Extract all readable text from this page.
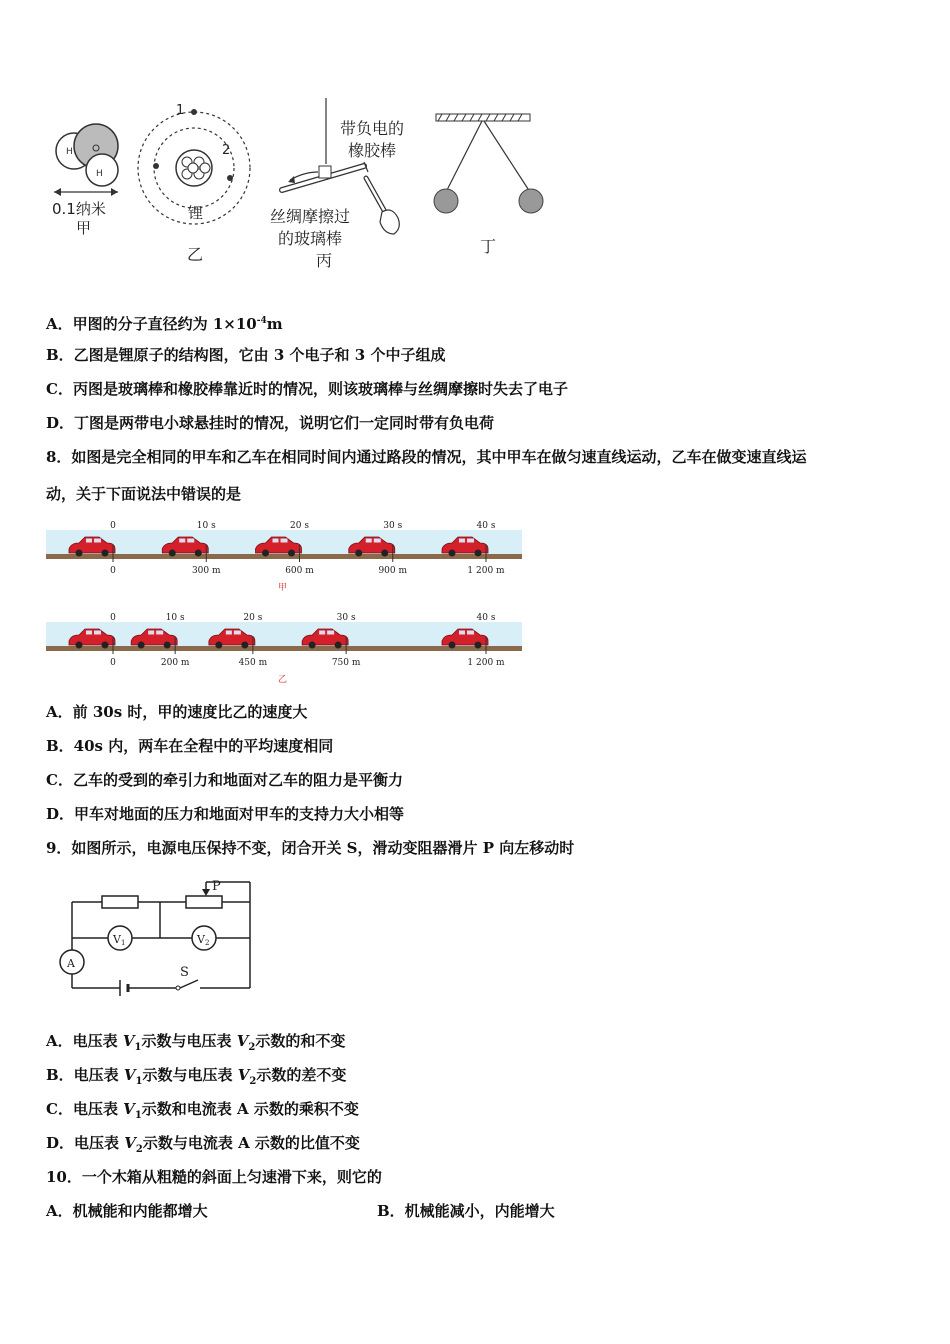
H
H
0.1纳米
甲
1
2
锂
乙
带负电的
橡胶棒
丝绸摩擦过
的玻璃棒
丙
丁
A．甲图的分子直径约为 $1\times 10^{-4}m$
B．乙图是锂原子的结构图，它由 3 个电子和 3 个中子组成
C．丙图是玻璃棒和橡胶棒靠近时的情况，则该玻璃棒与丝绸摩擦时失去了电子
D．丁图是两带电小球悬挂时的情况，说明它们一定同时带有负电荷
8．如图是完全相同的甲车和乙车在相同时间内通过路段的情况，其中甲车在做匀速直线运动，乙车在做变速直线运
动，关于下面说法中错误的是
0
0
10 s
300 m
20 s
600 m
30 s
900 m
40 s
1 200 m
甲
0
0
10 s
200 m
20 s
450 m
30 s
750 m
40 s
1 200 m
乙
A．前 30s 时，甲的速度比乙的速度大
B．40s 内，两车在全程中的平均速度相同
C．乙车的受到的牵引力和地面对乙车的阻力是平衡力
D．甲车对地面的压力和地面对甲车的支持力大小相等
9．如图所示，电源电压保持不变，闭合开关 S，滑动变阻器滑片 P 向左移动时
P
V1	V2
A
S
A．电压表 $V_1$示数与电压表 $V_2$示数的和不变
B．电压表 $V_1$示数与电压表 $V_2$示数的差不变
C．电压表 $V_1$示数和电流表 A 示数的乘积不变
D．电压表 $V_2$示数与电流表 A 示数的比值不变
10．一个木箱从粗糙的斜面上匀速滑下来，则它的
A．机械能和内能都增大	B．机械能减小，内能增大
